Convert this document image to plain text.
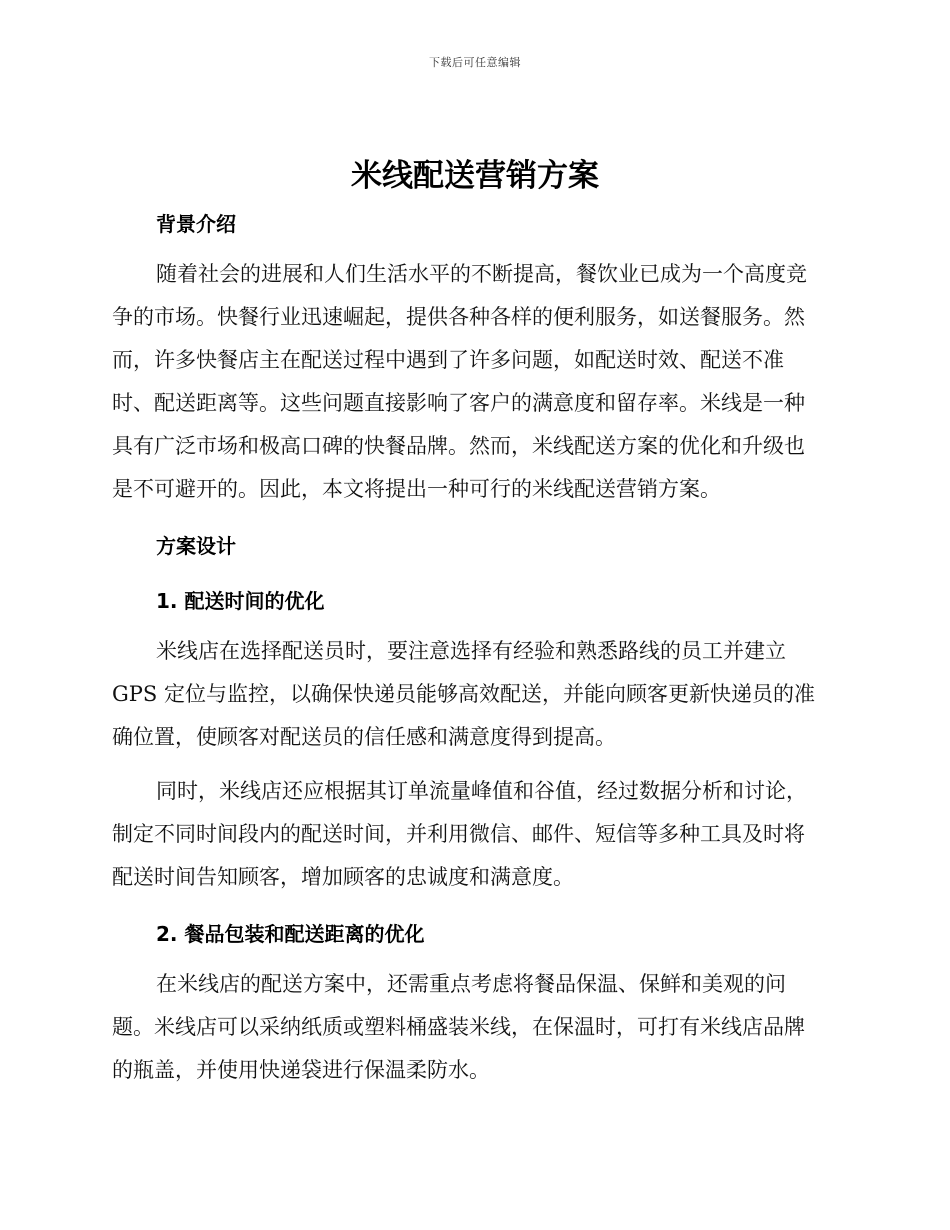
下载后可任意编辑
米线配送营销方案
背景介绍
随着社会的进展和人们生活水平的不断提高，餐饮业已成为一个高度竞
争的市场。快餐行业迅速崛起，提供各种各样的便利服务，如送餐服务。然
而，许多快餐店主在配送过程中遇到了许多问题，如配送时效、配送不准
时、配送距离等。这些问题直接影响了客户的满意度和留存率。米线是一种
具有广泛市场和极高口碑的快餐品牌。然而，米线配送方案的优化和升级也
是不可避开的。因此，本文将提出一种可行的米线配送营销方案。
方案设计
1. 配送时间的优化
米线店在选择配送员时，要注意选择有经验和熟悉路线的员工并建立
GPS 定位与监控，以确保快递员能够高效配送，并能向顾客更新快递员的准
确位置，使顾客对配送员的信任感和满意度得到提高。
同时，米线店还应根据其订单流量峰值和谷值，经过数据分析和讨论，
制定不同时间段内的配送时间，并利用微信、邮件、短信等多种工具及时将
配送时间告知顾客，增加顾客的忠诚度和满意度。
2. 餐品包装和配送距离的优化
在米线店的配送方案中，还需重点考虑将餐品保温、保鲜和美观的问
题。米线店可以采纳纸质或塑料桶盛装米线，在保温时，可打有米线店品牌
的瓶盖，并使用快递袋进行保温柔防水。
